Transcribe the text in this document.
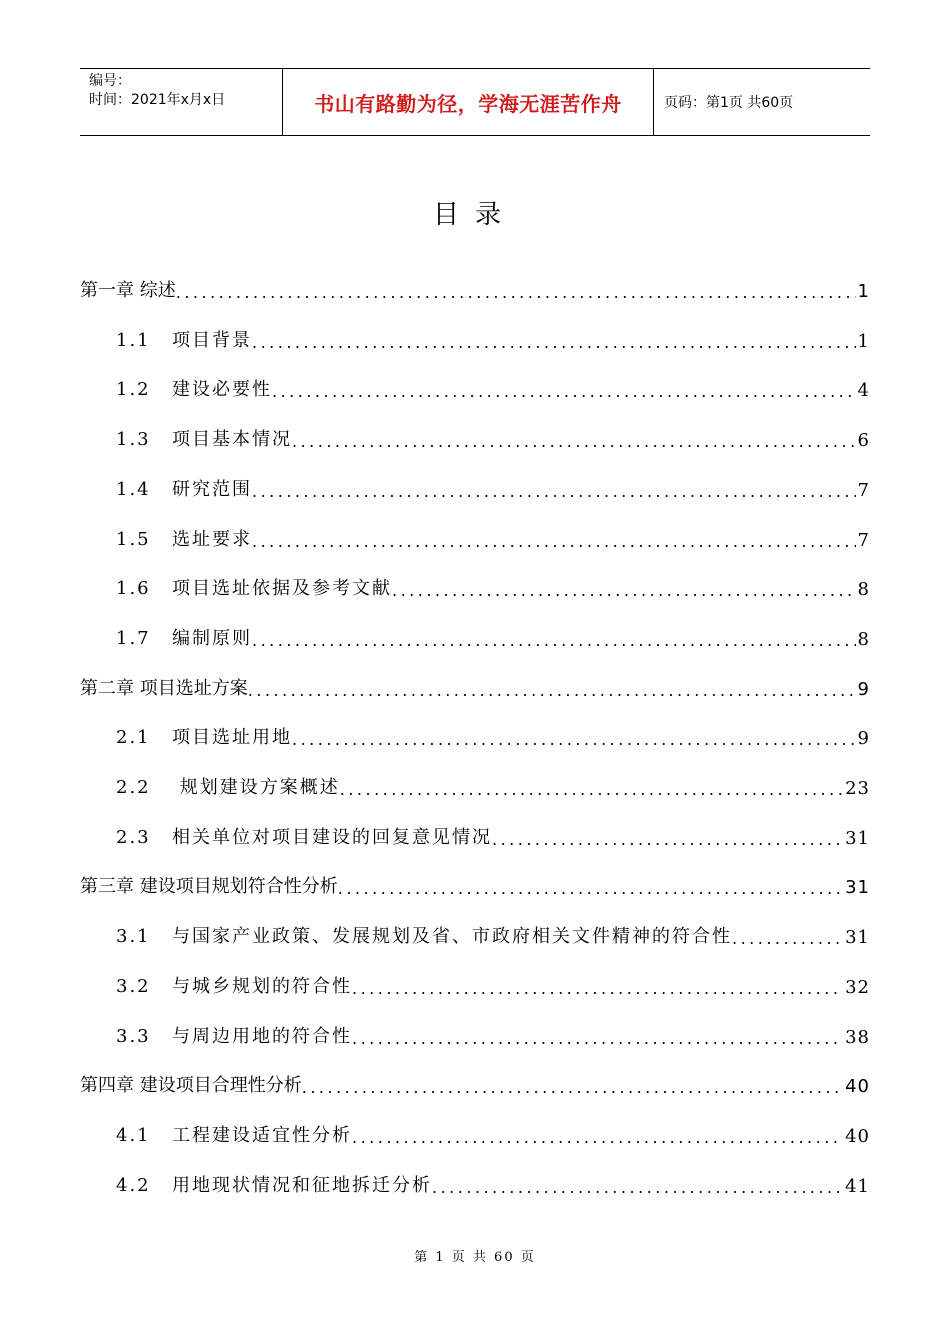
编号：
时间：2021年x月x日	书山有路勤为径，学海无涯苦作舟	页码：第1页 共60页
目录
第一章 综述 .....	1
1.1 项目背景 .....	1
1.2 建设必要性 .....	4
1.3 项目基本情况 .....	6
1.4 研究范围 .....	7
1.5 选址要求 .....	7
1.6 项目选址依据及参考文献 .....	8
1.7 编制原则 .....	8
第二章 项目选址方案 .....	9
2.1 项目选址用地 .....	9
2.2 规划建设方案概述 .....	23
2.3 相关单位对项目建设的回复意见情况 .....	31
第三章 建设项目规划符合性分析 .....	31
3.1 与国家产业政策、发展规划及省、市政府相关文件精神的符合性 .....	31
3.2 与城乡规划的符合性 .....	32
3.3 与周边用地的符合性 .....	38
第四章 建设项目合理性分析 .....	40
4.1 工程建设适宜性分析 .....	40
4.2 用地现状情况和征地拆迁分析 .....	41
第 1 页 共 60 页
